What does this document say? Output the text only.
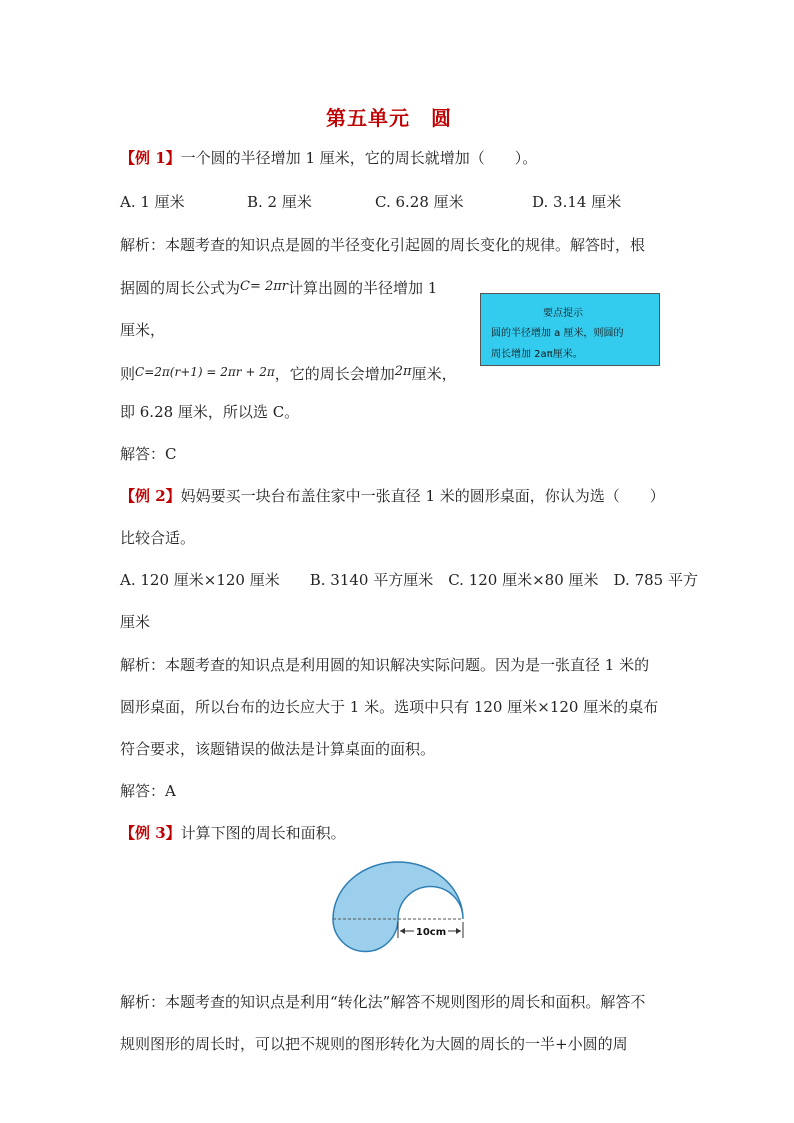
第五单元　圆
【例 1】一个圆的半径增加 1 厘米，它的周长就增加（　　）。
A. 1 厘米	B. 2 厘米	C. 6.28 厘米	D. 3.14 厘米
解析：本题考查的知识点是圆的半径变化引起圆的周长变化的规律。解答时，根
据圆的周长公式为C= 2πr计算出圆的半径增加 1
厘米，
则$^{C=2\pi(r+1) = 2\pi r + 2\pi}$，它的周长会增加2π厘米，
即 6.28 厘米，所以选 C。
解答：C
要点提示
圆的半径增加 a 厘米，则圆的
周长增加 2aπ厘米。
【例 2】妈妈要买一块台布盖住家中一张直径 1 米的圆形桌面，你认为选（　　）
比较合适。
A. 120 厘米×120 厘米　　B. 3140 平方厘米　C. 120 厘米×80 厘米　D. 785 平方
厘米
解析：本题考查的知识点是利用圆的知识解决实际问题。因为是一张直径 1 米的
圆形桌面，所以台布的边长应大于 1 米。选项中只有 120 厘米×120 厘米的桌布
符合要求，该题错误的做法是计算桌面的面积。
解答：A
【例 3】计算下图的周长和面积。
10cm
解析：本题考查的知识点是利用“转化法”解答不规则图形的周长和面积。解答不
规则图形的周长时，可以把不规则的图形转化为大圆的周长的一半+小圆的周
